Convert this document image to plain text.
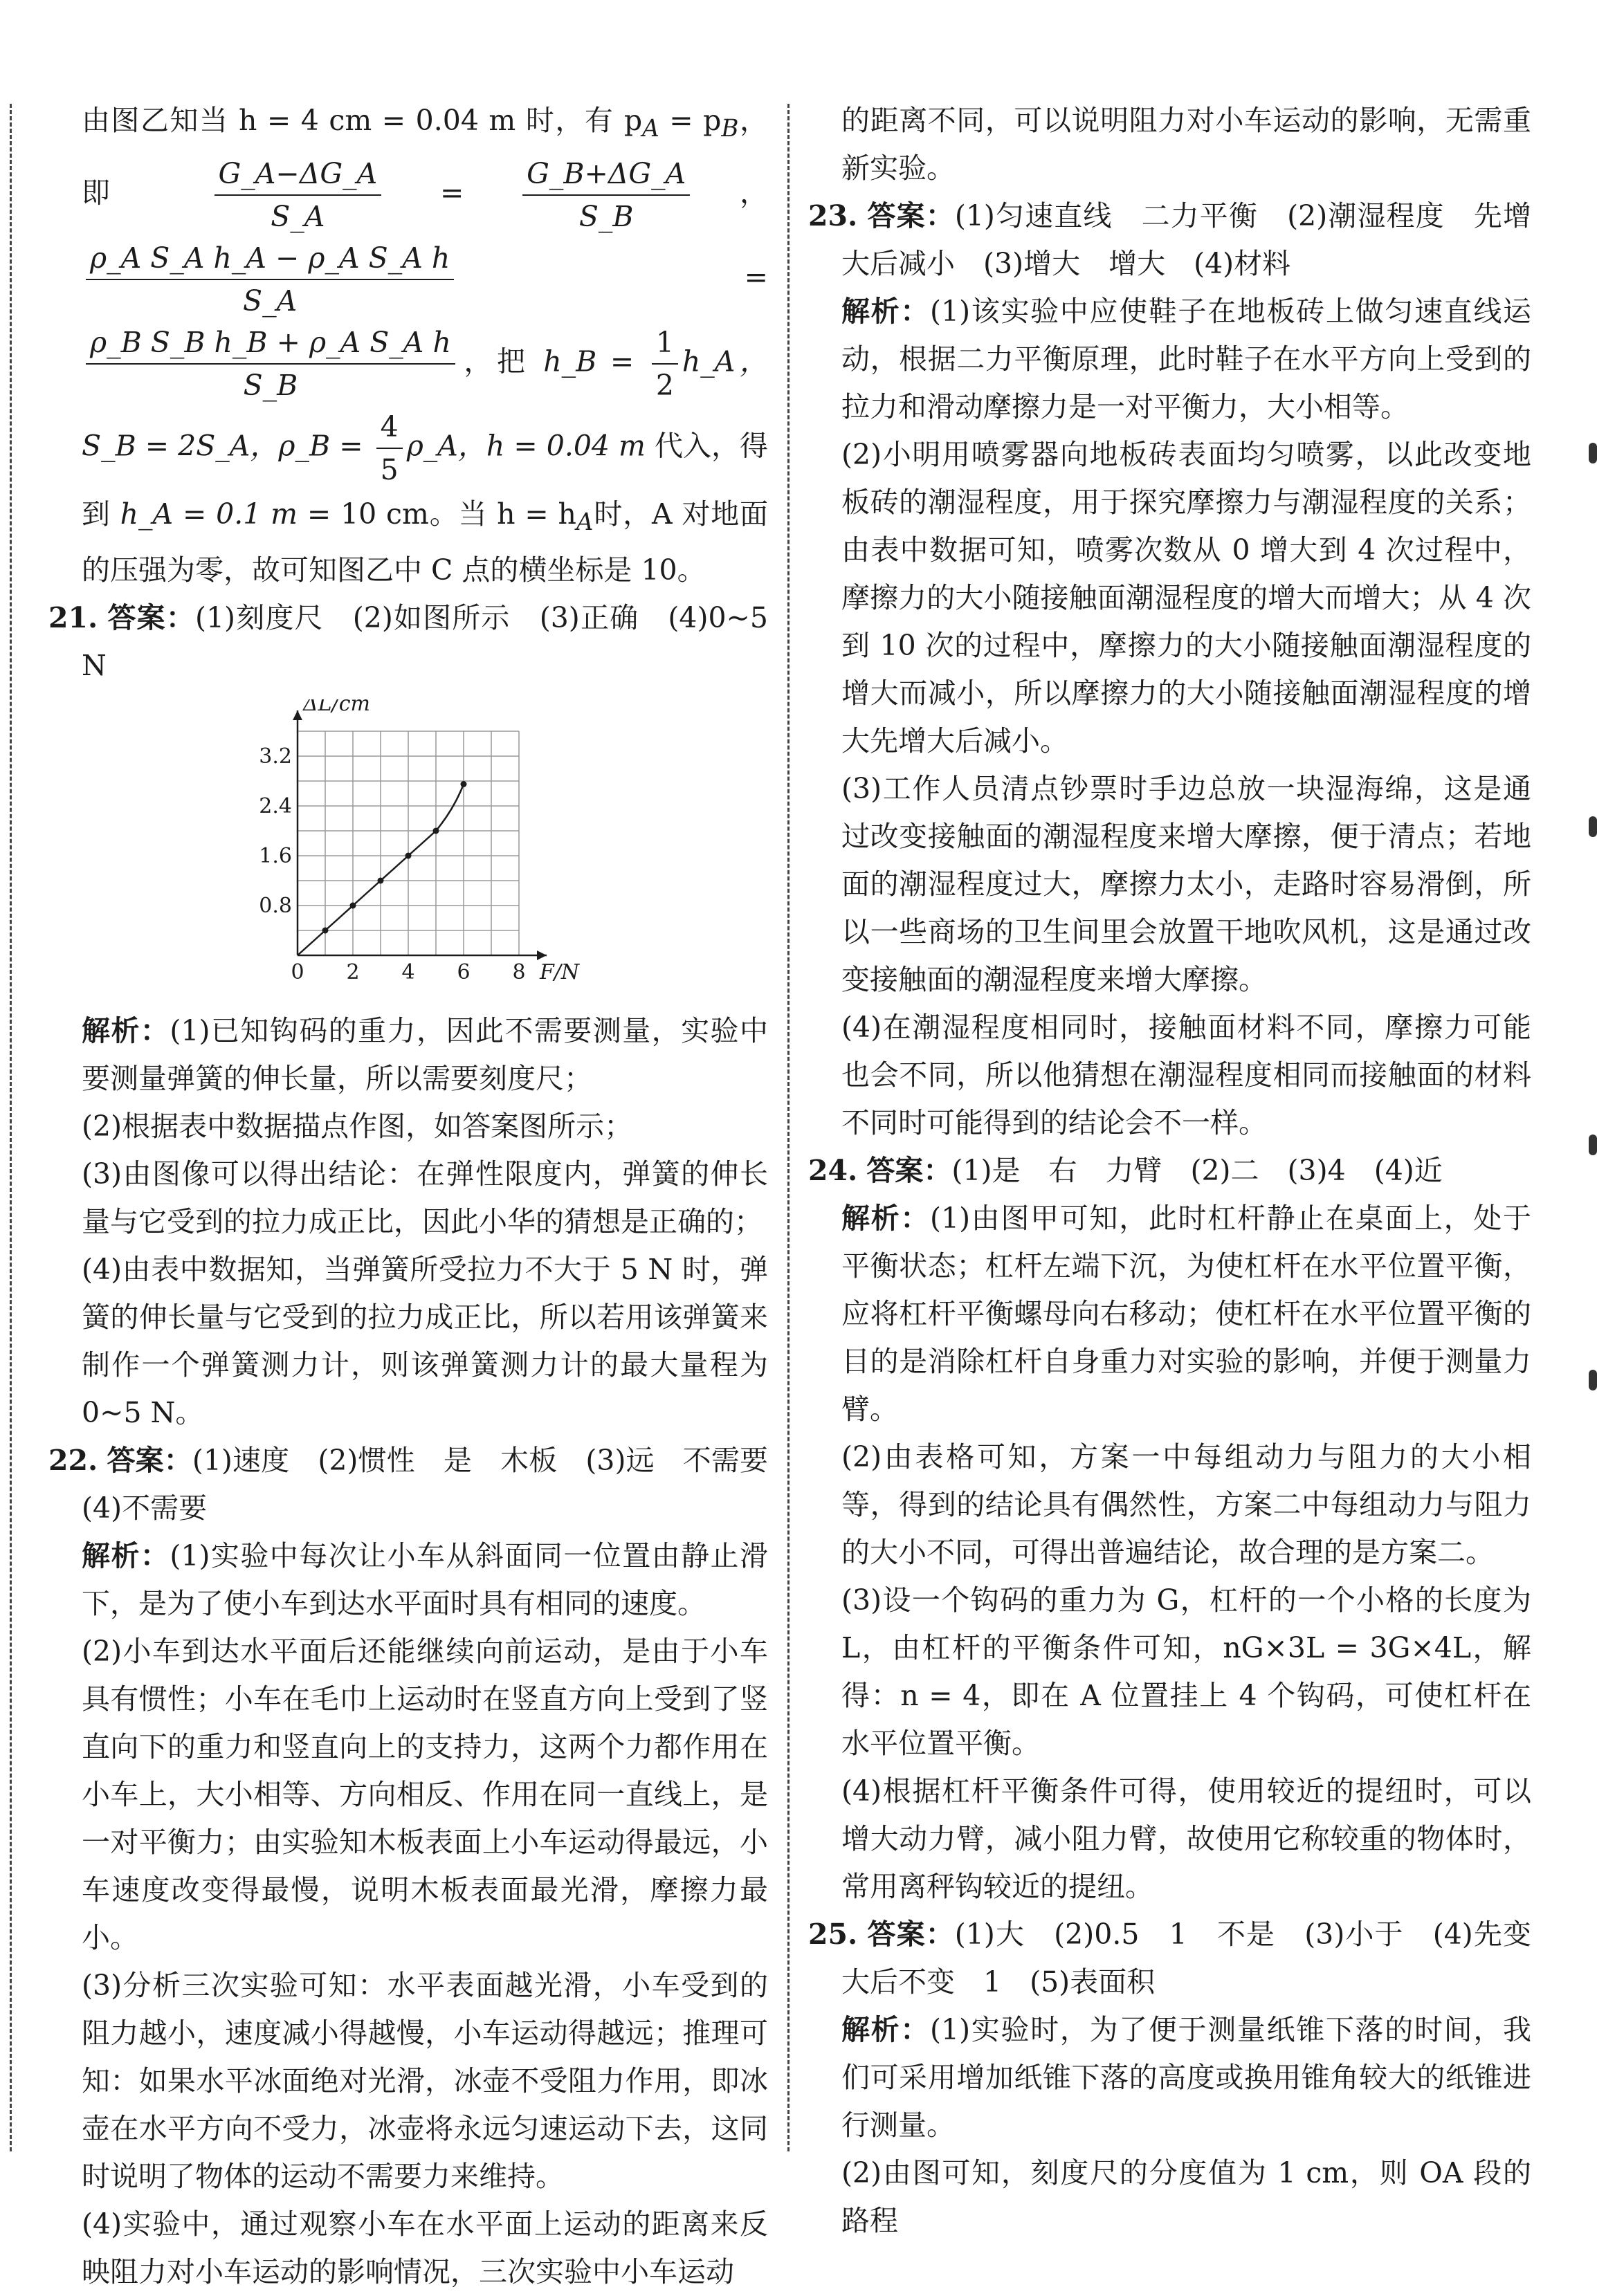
由图乙知当 h = 4 cm = 0.04 m 时，有 $p_A = p_B$，即 $\frac{G\_A-\Delta G\_A}{S\_A} = \frac{G\_B+\Delta G\_A}{S\_B}$ ，
$\frac{\text{ρ\_A S\_A h\_A − ρ\_A S\_A h}}{S\_A}$ =
$\frac{\text{ρ\_B S\_B h\_B + ρ\_A S\_A h}}{S\_B}$ ，把 h_B = $\frac{1}{2}$ h_A， S_B = 2S_A，ρ_B = $\frac{4}{5}$ ρ_A，h = 0.04 m 代入，得到 h_A = 0.1 m = 10 cm。当 $h = h_A$时，A 对地面的压强为零，故可知图乙中 C 点的横坐标是 10。

21. 答案：(1)刻度尺　(2)如图所示　(3)正确　(4)0~5 N

0 2 4 6 8
0.8
1.6
2.4
3.2
F/N
ΔL/cm

解析：(1)已知钩码的重力，因此不需要测量，实验中要测量弹簧的伸长量，所以需要刻度尺；

(2)根据表中数据描点作图，如答案图所示；

(3)由图像可以得出结论：在弹性限度内，弹簧的伸长量与它受到的拉力成正比，因此小华的猜想是正确的；

(4)由表中数据知，当弹簧所受拉力不大于 5 N 时，弹簧的伸长量与它受到的拉力成正比，所以若用该弹簧来制作一个弹簧测力计，则该弹簧测力计的最大量程为 0~5 N。

22. 答案：(1)速度　(2)惯性　是　木板　(3)远　不需要　(4)不需要

解析：(1)实验中每次让小车从斜面同一位置由静止滑下，是为了使小车到达水平面时具有相同的速度。

(2)小车到达水平面后还能继续向前运动，是由于小车具有惯性；小车在毛巾上运动时在竖直方向上受到了竖直向下的重力和竖直向上的支持力，这两个力都作用在小车上，大小相等、方向相反、作用在同一直线上，是一对平衡力；由实验知木板表面上小车运动得最远，小车速度改变得最慢，说明木板表面最光滑，摩擦力最小。

(3)分析三次实验可知：水平表面越光滑，小车受到的阻力越小，速度减小得越慢，小车运动得越远；推理可知：如果水平冰面绝对光滑，冰壶不受阻力作用，即冰壶在水平方向不受力，冰壶将永远匀速运动下去，这同时说明了物体的运动不需要力来维持。

(4)实验中，通过观察小车在水平面上运动的距离来反映阻力对小车运动的影响情况，三次实验中小车运动

的距离不同，可以说明阻力对小车运动的影响，无需重新实验。

23. 答案：(1)匀速直线　二力平衡　(2)潮湿程度　先增大后减小　(3)增大　增大　(4)材料

解析：(1)该实验中应使鞋子在地板砖上做匀速直线运动，根据二力平衡原理，此时鞋子在水平方向上受到的拉力和滑动摩擦力是一对平衡力，大小相等。

(2)小明用喷雾器向地板砖表面均匀喷雾，以此改变地板砖的潮湿程度，用于探究摩擦力与潮湿程度的关系；由表中数据可知，喷雾次数从 0 增大到 4 次过程中，摩擦力的大小随接触面潮湿程度的增大而增大；从 4 次到 10 次的过程中，摩擦力的大小随接触面潮湿程度的增大而减小，所以摩擦力的大小随接触面潮湿程度的增大先增大后减小。

(3)工作人员清点钞票时手边总放一块湿海绵，这是通过改变接触面的潮湿程度来增大摩擦，便于清点；若地面的潮湿程度过大，摩擦力太小，走路时容易滑倒，所以一些商场的卫生间里会放置干地吹风机，这是通过改变接触面的潮湿程度来增大摩擦。

(4)在潮湿程度相同时，接触面材料不同，摩擦力可能也会不同，所以他猜想在潮湿程度相同而接触面的材料不同时可能得到的结论会不一样。

24. 答案：(1)是　右　力臂　(2)二　(3)4　(4)近

解析：(1)由图甲可知，此时杠杆静止在桌面上，处于平衡状态；杠杆左端下沉，为使杠杆在水平位置平衡，应将杠杆平衡螺母向右移动；使杠杆在水平位置平衡的目的是消除杠杆自身重力对实验的影响，并便于测量力臂。

(2)由表格可知，方案一中每组动力与阻力的大小相等，得到的结论具有偶然性，方案二中每组动力与阻力的大小不同，可得出普遍结论，故合理的是方案二。

(3)设一个钩码的重力为 G，杠杆的一个小格的长度为 L，由杠杆的平衡条件可知，nG×3L = 3G×4L，解得：n = 4，即在 A 位置挂上 4 个钩码，可使杠杆在水平位置平衡。

(4)根据杠杆平衡条件可得，使用较近的提纽时，可以增大动力臂，减小阻力臂，故使用它称较重的物体时，常用离秤钩较近的提纽。

25. 答案：(1)大　(2)0.5　1　不是　(3)小于　(4)先变大后不变　1　(5)表面积

解析：(1)实验时，为了便于测量纸锥下落的时间，我们可采用增加纸锥下落的高度或换用锥角较大的纸锥进行测量。

(2)由图可知，刻度尺的分度值为 1 cm，则 OA 段的路程
